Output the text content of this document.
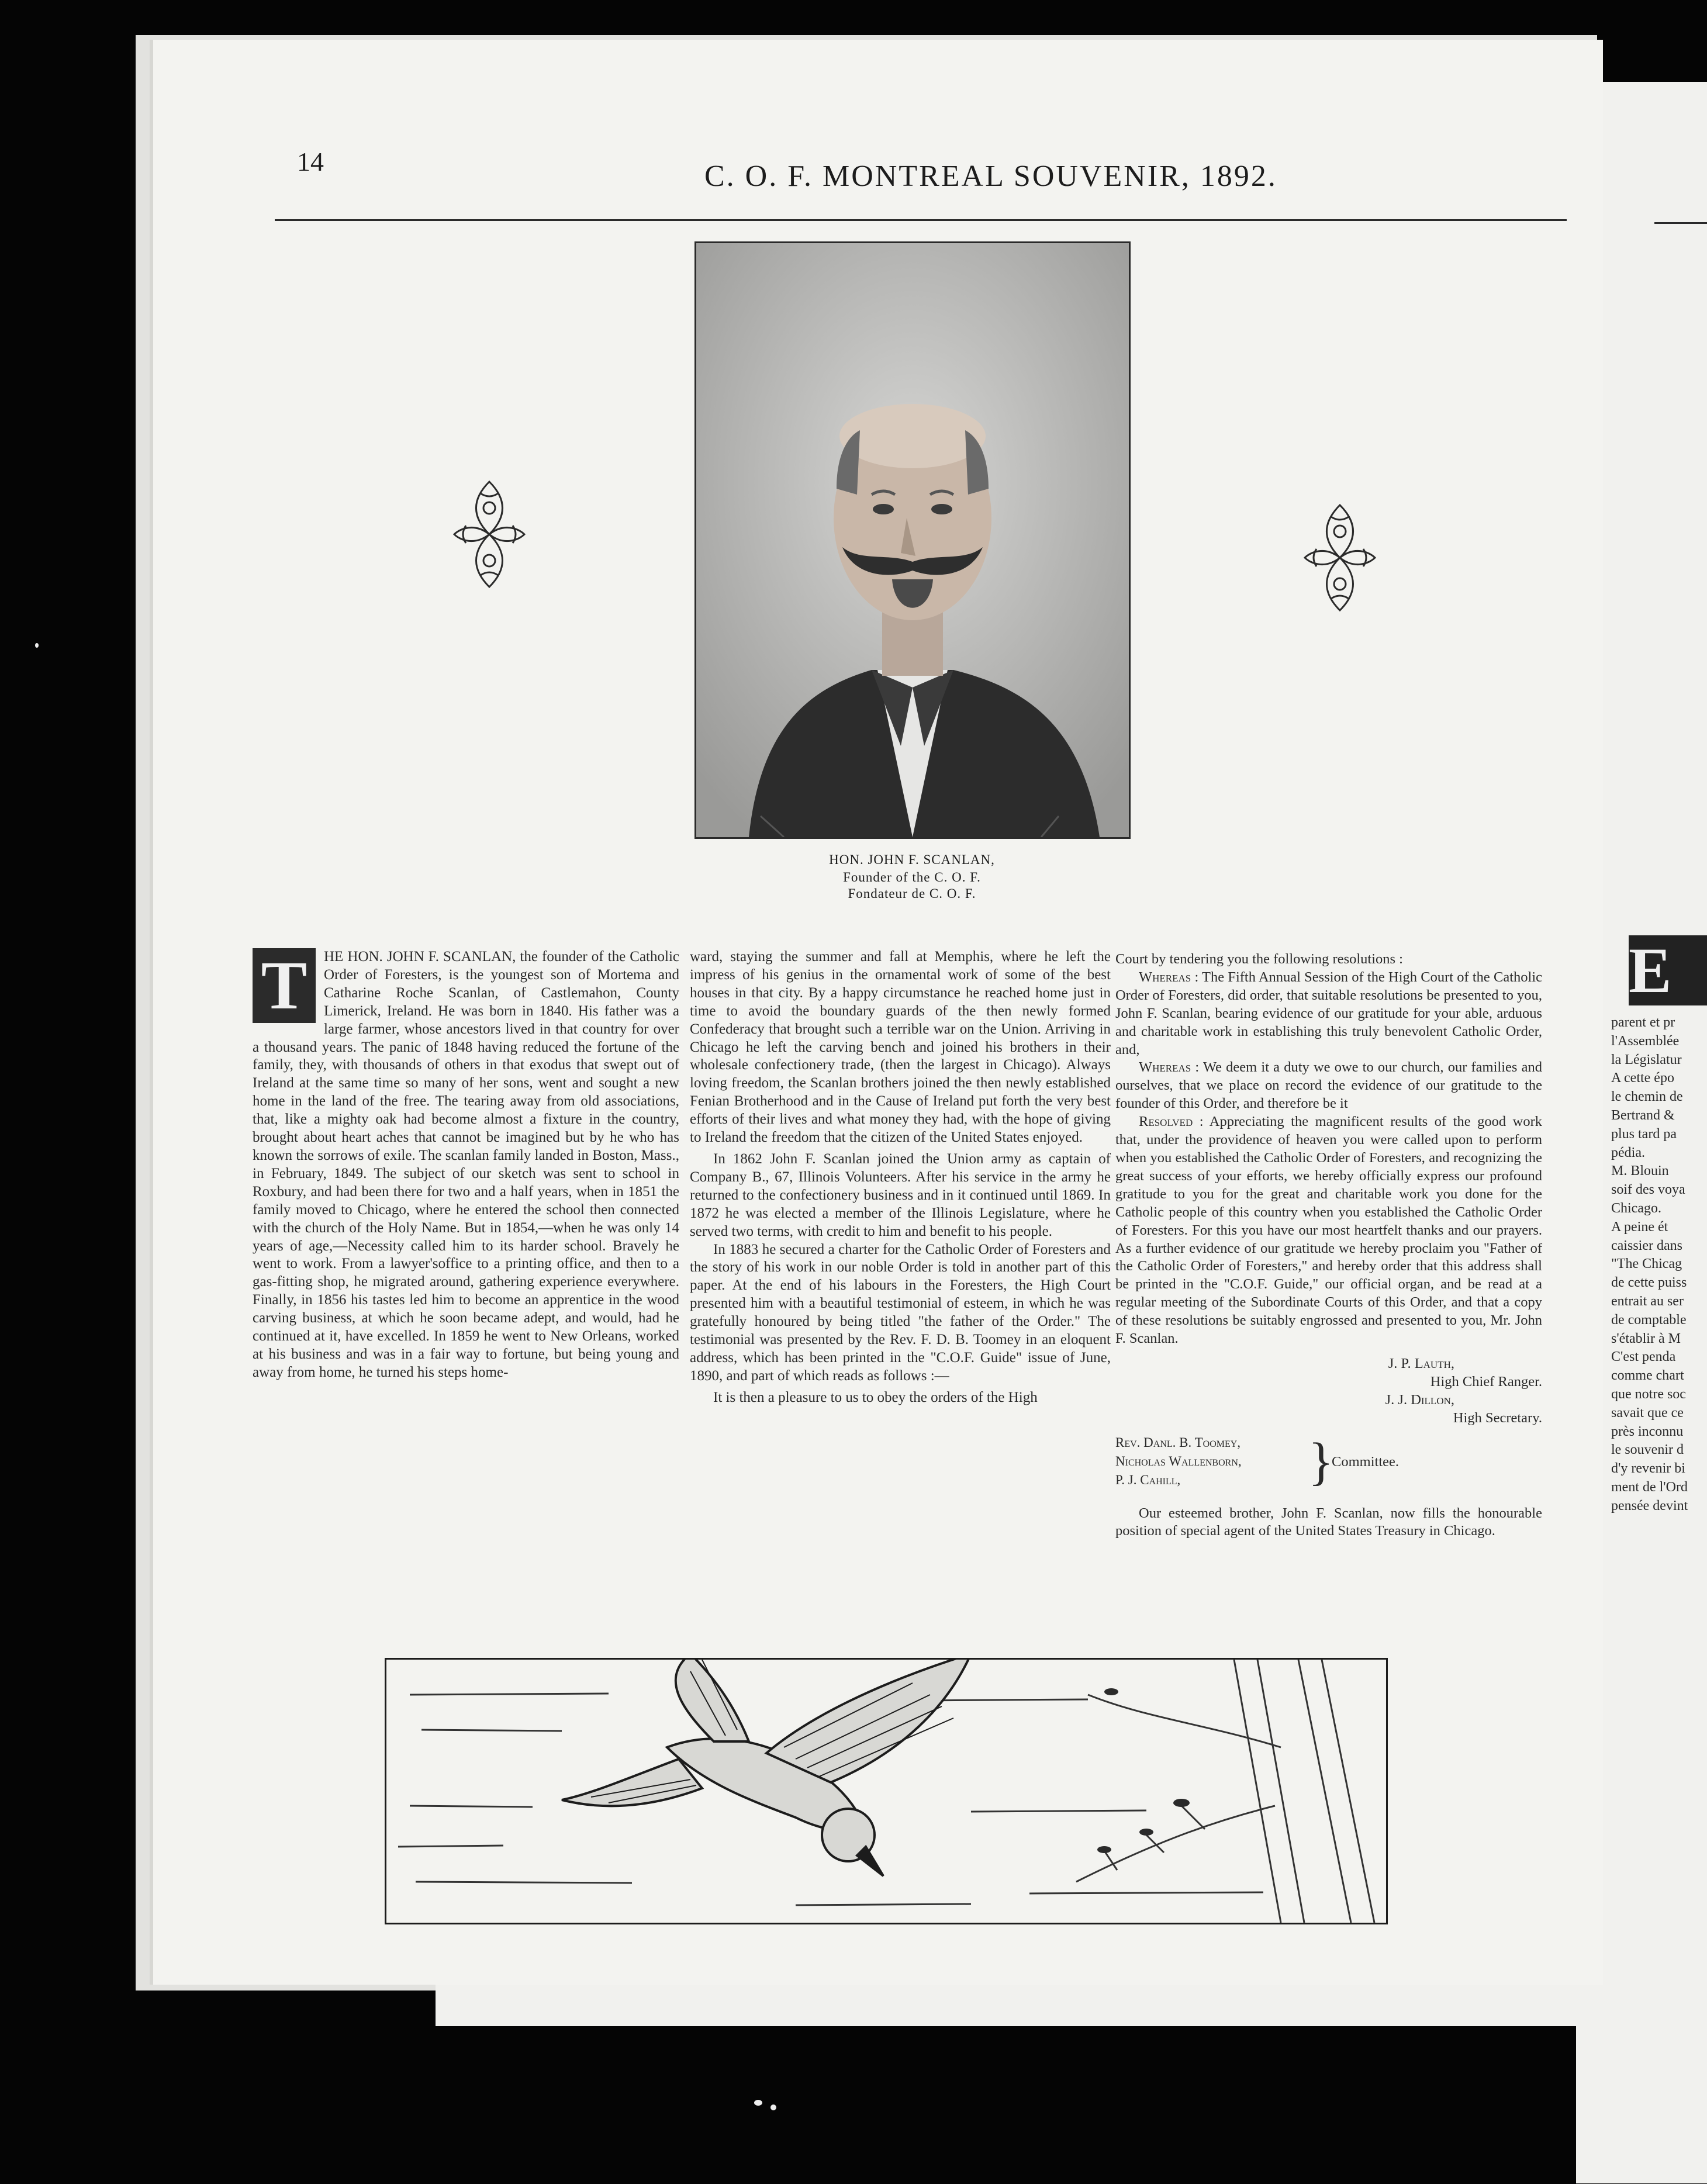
14	C. O. F. MONTREAL SOUVENIR, 1892.
HON. JOHN F. SCANLAN,
Founder of the C. O. F.
Fondateur de C. O. F.
T	HE HON. JOHN F. SCANLAN, the founder of the Catholic Order of Foresters, is the youngest son of Mortema and Catharine Roche Scanlan, of Castlemahon, County Limerick, Ireland. He was born in 1840. His father was a large farmer, whose ancestors lived in that country for over a thousand years. The panic of 1848 having reduced the fortune of the family, they, with thousands of others in that exodus that swept out of Ireland at the same time so many of her sons, went and sought a new home in the land of the free. The tearing away from old associations, that, like a mighty oak had become almost a fixture in the country, brought about heart aches that cannot be imagined but by he who has known the sorrows of exile. The scanlan family landed in Boston, Mass., in February, 1849. The subject of our sketch was sent to school in Roxbury, and had been there for two and a half years, when in 1851 the family moved to Chicago, where he entered the school then connected with the church of the Holy Name. But in 1854,—when he was only 14 years of age,—Necessity called him to its harder school. Bravely he went to work. From a lawyer'soffice to a printing office, and then to a gas-fitting shop, he migrated around, gathering experience everywhere. Finally, in 1856 his tastes led him to become an apprentice in the wood carving business, at which he soon became adept, and would, had he continued at it, have excelled. In 1859 he went to New Orleans, worked at his business and was in a fair way to fortune, but being young and away from home, he turned his steps home-

ward, staying the summer and fall at Memphis, where he left the impress of his genius in the ornamental work of some of the best houses in that city. By a happy circumstance he reached home just in time to avoid the boundary guards of the then newly formed Confederacy that brought such a terrible war on the Union. Arriving in Chicago he left the carving bench and joined his brothers in their wholesale confectionery trade, (then the largest in Chicago). Always loving freedom, the Scanlan brothers joined the then newly established Fenian Brotherhood and in the Cause of Ireland put forth the very best efforts of their lives and what money they had, with the hope of giving to Ireland the freedom that the citizen of the United States enjoyed.

In 1862 John F. Scanlan joined the Union army as captain of Company B., 67, Illinois Volunteers. After his service in the army he returned to the confectionery business and in it continued until 1869. In 1872 he was elected a member of the Illinois Legislature, where he served two terms, with credit to him and benefit to his people.

In 1883 he secured a charter for the Catholic Order of Foresters and the story of his work in our noble Order is told in another part of this paper. At the end of his labours in the Foresters, the High Court presented him with a beautiful testimonial of esteem, in which he was gratefully honoured by being titled "the father of the Order." The testimonial was presented by the Rev. F. D. B. Toomey in an eloquent address, which has been printed in the "C.O.F. Guide" issue of June, 1890, and part of which reads as follows :—

It is then a pleasure to us to obey the orders of the High

Court by tendering you the following resolutions :

Whereas : The Fifth Annual Session of the High Court of the Catholic Order of Foresters, did order, that suitable resolutions be presented to you, John F. Scanlan, bearing evidence of our gratitude for your able, arduous and charitable work in establishing this truly benevolent Catholic Order, and,

Whereas : We deem it a duty we owe to our church, our families and ourselves, that we place on record the evidence of our gratitude to the founder of this Order, and therefore be it

Resolved : Appreciating the magnificent results of the good work that, under the providence of heaven you were called upon to perform when you established the Catholic Order of Foresters, and recognizing the great success of your efforts, we hereby officially express our profound gratitude to you for the great and charitable work you done for the Catholic people of this country when you established the Catholic Order of Foresters. For this you have our most heartfelt thanks and our prayers. As a further evidence of our gratitude we hereby proclaim you "Father of the Catholic Order of Foresters," and hereby order that this address shall be printed in the "C.O.F. Guide," our official organ, and be read at a regular meeting of the Subordinate Courts of this Order, and that a copy of these resolutions be suitably engrossed and presented to you, Mr. John F. Scanlan.

J. P. Lauth,

High Chief Ranger.

J. J. Dillon,

High Secretary.

Rev. Danl. B. Toomey,
Nicholas Wallenborn,
P. J. Cahill,	}
Committee.

Our esteemed brother, John F. Scanlan, now fills the honourable position of special agent of the United States Treasury in Chicago.

E
parent et pr
l'Assemblée
la Législatur
A cette épo
le chemin de
Bertrand &
plus tard pa
pédia.
M. Blouin
soif des voya
Chicago.
A peine ét
caissier dans
"The Chicag
de cette puiss
entrait au ser
de comptable
s'établir à M
C'est penda
comme chart
que notre soc
savait que ce
près inconnu
le souvenir d
d'y revenir bi
ment de l'Ord
pensée devint
